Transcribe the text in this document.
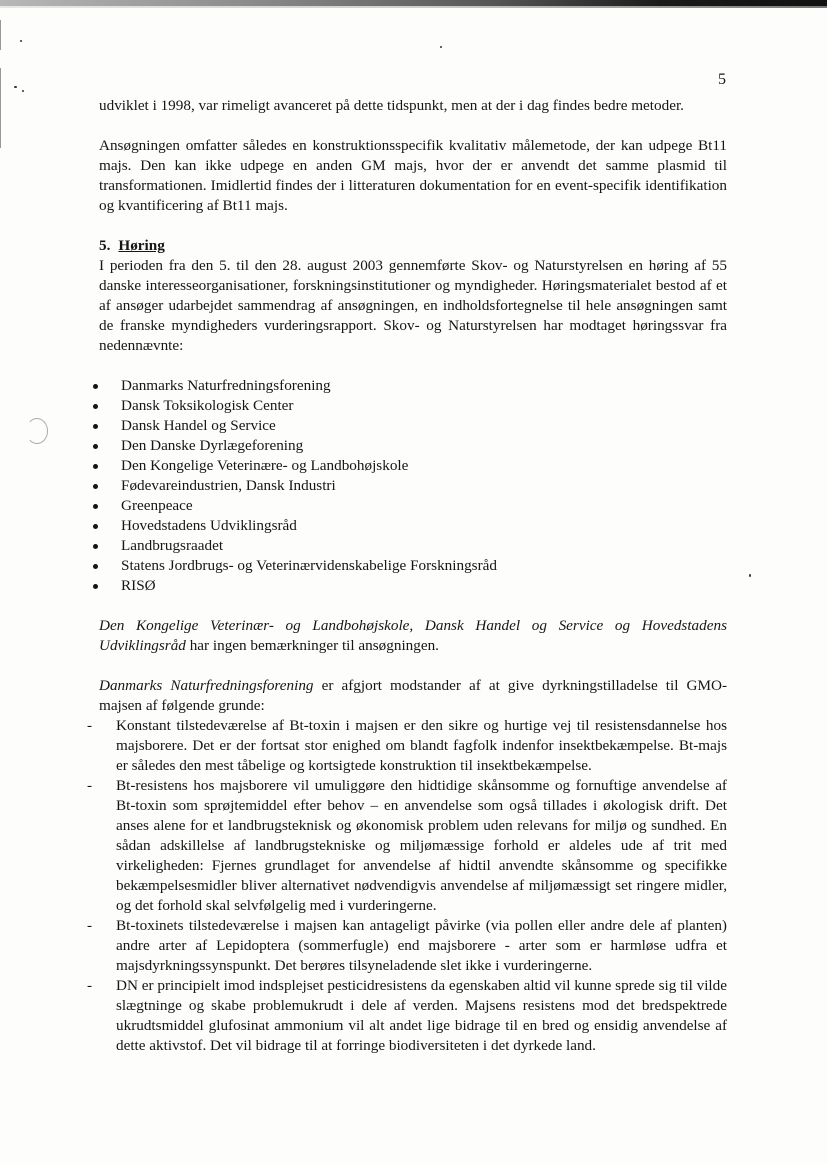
5

udviklet i 1998, var rimeligt avanceret på dette tidspunkt, men at der i dag findes bedre metoder.

Ansøgningen omfatter således en konstruktionsspecifik kvalitativ målemetode, der kan udpege Bt11 majs. Den kan ikke udpege en anden GM majs, hvor der er anvendt det samme plasmid til transformationen. Imidlertid findes der i litteraturen dokumentation for en event-specifik identifikation og kvantificering af Bt11 majs.

5. Høring

I perioden fra den 5. til den 28. august 2003 gennemførte Skov- og Naturstyrelsen en høring af 55 danske interesseorganisationer, forskningsinstitutioner og myndigheder. Høringsmaterialet bestod af et af ansøger udarbejdet sammendrag af ansøgningen, en indholdsfortegnelse til hele ansøgningen samt de franske myndigheders vurderingsrapport. Skov- og Naturstyrelsen har modtaget høringssvar fra nedennævnte:

Danmarks Naturfredningsforening
Dansk Toksikologisk Center
Dansk Handel og Service
Den Danske Dyrlægeforening
Den Kongelige Veterinære- og Landbohøjskole
Fødevareindustrien, Dansk Industri
Greenpeace
Hovedstadens Udviklingsråd
Landbrugsraadet
Statens Jordbrugs- og Veterinærvidenskabelige Forskningsråd
RISØ

Den Kongelige Veterinær- og Landbohøjskole, Dansk Handel og Service og Hovedstadens Udviklingsråd har ingen bemærkninger til ansøgningen.

Danmarks Naturfredningsforening er afgjort modstander af at give dyrkningstilladelse til GMO-majsen af følgende grunde:

- Konstant tilstedeværelse af Bt-toxin i majsen er den sikre og hurtige vej til resistensdannelse hos majsborere. Det er der fortsat stor enighed om blandt fagfolk indenfor insektbekæmpelse. Bt-majs er således den mest tåbelige og kortsigtede konstruktion til insektbekæmpelse.
- Bt-resistens hos majsborere vil umuliggøre den hidtidige skånsomme og fornuftige anvendelse af Bt-toxin som sprøjtemiddel efter behov – en anvendelse som også tillades i økologisk drift. Det anses alene for et landbrugsteknisk og økonomisk problem uden relevans for miljø og sundhed. En sådan adskillelse af landbrugstekniske og miljømæssige forhold er aldeles ude af trit med virkeligheden: Fjernes grundlaget for anvendelse af hidtil anvendte skånsomme og specifikke bekæmpelsesmidler bliver alternativet nødvendigvis anvendelse af miljømæssigt set ringere midler, og det forhold skal selvfølgelig med i vurderingerne.
- Bt-toxinets tilstedeværelse i majsen kan antageligt påvirke (via pollen eller andre dele af planten) andre arter af Lepidoptera (sommerfugle) end majsborere - arter som er harmløse udfra et majsdyrkningssynspunkt. Det berøres tilsyneladende slet ikke i vurderingerne.
- DN er principielt imod indsplejset pesticidresistens da egenskaben altid vil kunne sprede sig til vilde slægtninge og skabe problemukrudt i dele af verden. Majsens resistens mod det bredspektrede ukrudtsmiddel glufosinat ammonium vil alt andet lige bidrage til en bred og ensidig anvendelse af dette aktivstof. Det vil bidrage til at forringe biodiversiteten i det dyrkede land.
